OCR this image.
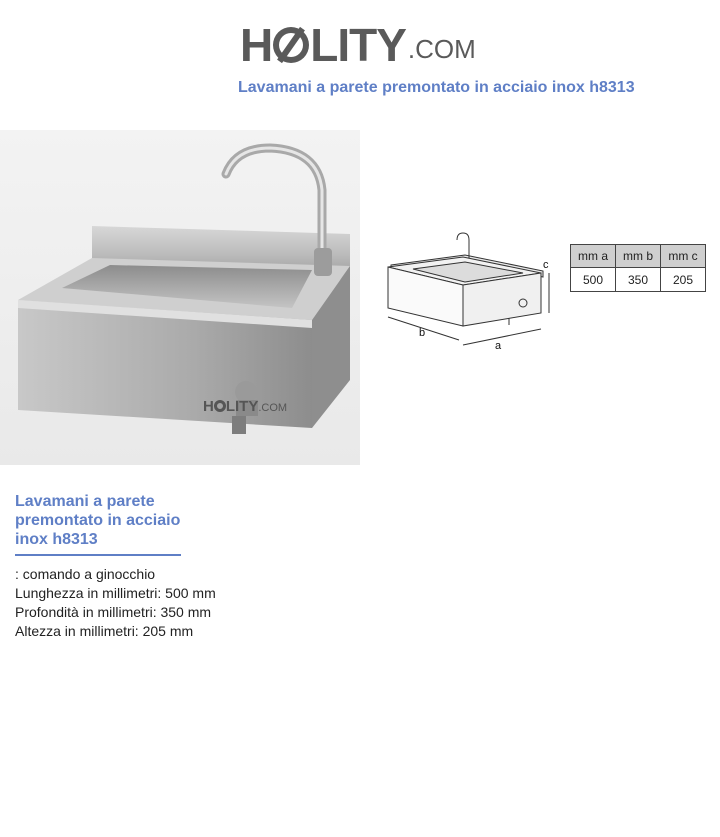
H LITY .COM
Lavamani a parete premontato in acciaio inox h8313
H LITY.COM
b
a
c
mm a	mm b	mm c
500	350	205
Lavamani a parete premontato in acciaio inox h8313
: comando a ginocchio
Lunghezza in millimetri: 500 mm
Profondità in millimetri: 350 mm
Altezza in millimetri: 205 mm
